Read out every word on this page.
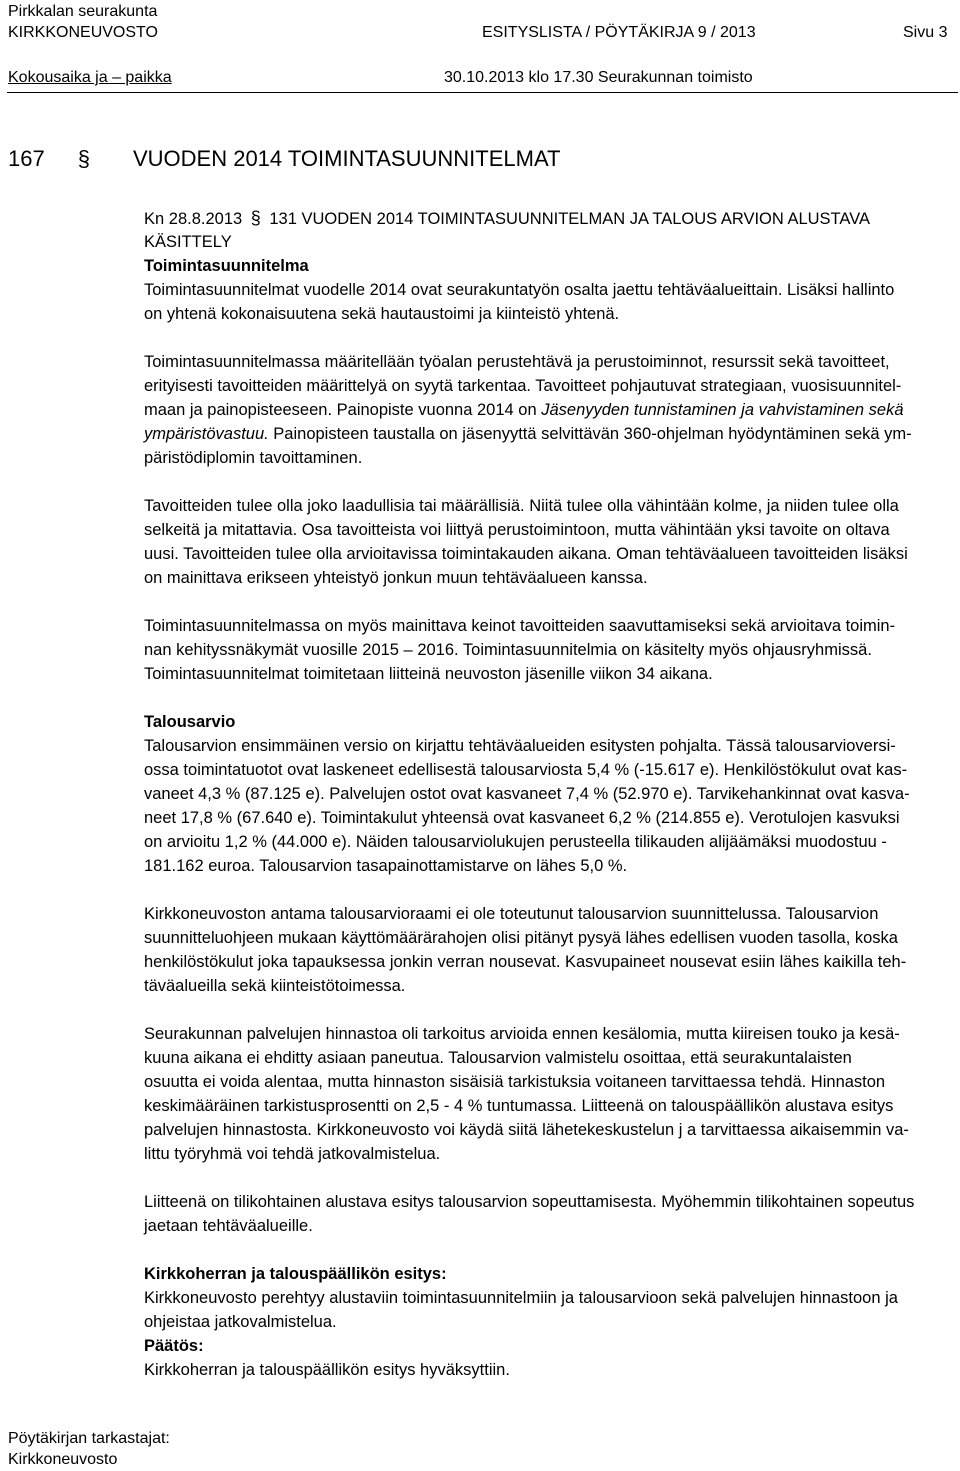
Pirkkalan seurakunta
KIRKKONEUVOSTO	ESITYSLISTA / PÖYTÄKIRJA 9 / 2013	Sivu 3
Kokousaika ja – paikka	30.10.2013 klo 17.30 Seurakunnan toimisto
167 § VUODEN 2014 TOIMINTASUUNNITELMAT
Kn 28.8.2013 § 131 VUODEN 2014 TOIMINTASUUNNITELMAN JA TALOUS ARVION ALUSTAVA
KÄSITTELY
Toimintasuunnitelma
Toimintasuunnitelmat vuodelle 2014 ovat seurakuntatyön osalta jaettu tehtäväalueittain. Lisäksi hallinto
on yhtenä kokonaisuutena sekä hautaustoimi ja kiinteistö yhtenä.
Toimintasuunnitelmassa määritellään työalan perustehtävä ja perustoiminnot, resurssit sekä tavoitteet,
erityisesti tavoitteiden määrittelyä on syytä tarkentaa. Tavoitteet pohjautuvat strategiaan, vuosisuunnitel-
maan ja painopisteeseen. Painopiste vuonna 2014 on Jäsenyyden tunnistaminen ja vahvistaminen sekä
ympäristövastuu. Painopisteen taustalla on jäsenyyttä selvittävän 360-ohjelman hyödyntäminen sekä ym-
päristödiplomin tavoittaminen.
Tavoitteiden tulee olla joko laadullisia tai määrällisiä. Niitä tulee olla vähintään kolme, ja niiden tulee olla
selkeitä ja mitattavia. Osa tavoitteista voi liittyä perustoimintoon, mutta vähintään yksi tavoite on oltava
uusi. Tavoitteiden tulee olla arvioitavissa toimintakauden aikana. Oman tehtäväalueen tavoitteiden lisäksi
on mainittava erikseen yhteistyö jonkun muun tehtäväalueen kanssa.
Toimintasuunnitelmassa on myös mainittava keinot tavoitteiden saavuttamiseksi sekä arvioitava toimin-
nan kehityssnäkymät vuosille 2015 – 2016. Toimintasuunnitelmia on käsitelty myös ohjausryhmissä.
Toimintasuunnitelmat toimitetaan liitteinä neuvoston jäsenille viikon 34 aikana.
Talousarvio
Talousarvion ensimmäinen versio on kirjattu tehtäväalueiden esitysten pohjalta. Tässä talousarvioversi-
ossa toimintatuotot ovat laskeneet edellisestä talousarviosta 5,4 % (-15.617 e). Henkilöstökulut ovat kas-
vaneet 4,3 % (87.125 e). Palvelujen ostot ovat kasvaneet 7,4 % (52.970 e). Tarvikehankinnat ovat kasva-
neet 17,8 % (67.640 e). Toimintakulut yhteensä ovat kasvaneet 6,2 % (214.855 e). Verotulojen kasvuksi
on arvioitu 1,2 % (44.000 e). Näiden talousarviolukujen perusteella tilikauden alijäämäksi muodostuu -
181.162 euroa. Talousarvion tasapainottamistarve on lähes 5,0 %.
Kirkkoneuvoston antama talousarvioraami ei ole toteutunut talousarvion suunnittelussa. Talousarvion
suunnitteluohjeen mukaan käyttömäärärahojen olisi pitänyt pysyä lähes edellisen vuoden tasolla, koska
henkilöstökulut joka tapauksessa jonkin verran nousevat. Kasvupaineet nousevat esiin lähes kaikilla teh-
täväalueilla sekä kiinteistötoimessa.
Seurakunnan palvelujen hinnastoa oli tarkoitus arvioida ennen kesälomia, mutta kiireisen touko ja kesä-
kuuna aikana ei ehditty asiaan paneutua. Talousarvion valmistelu osoittaa, että seurakuntalaisten
osuutta ei voida alentaa, mutta hinnaston sisäisiä tarkistuksia voitaneen tarvittaessa tehdä. Hinnaston
keskimääräinen tarkistusprosentti on 2,5 - 4 % tuntumassa. Liitteenä on talouspäällikön alustava esitys
palvelujen hinnastosta. Kirkkoneuvosto voi käydä siitä lähetekeskustelun j a tarvittaessa aikaisemmin va-
littu työryhmä voi tehdä jatkovalmistelua.
Liitteenä on tilikohtainen alustava esitys talousarvion sopeuttamisesta. Myöhemmin tilikohtainen sopeutus
jaetaan tehtäväalueille.
Kirkkoherran ja talouspäällikön esitys:
Kirkkoneuvosto perehtyy alustaviin toimintasuunnitelmiin ja talousarvioon sekä palvelujen hinnastoon ja
ohjeistaa jatkovalmistelua.
Päätös:
Kirkkoherran ja talouspäällikön esitys hyväksyttiin.
Pöytäkirjan tarkastajat:
Kirkkoneuvosto
